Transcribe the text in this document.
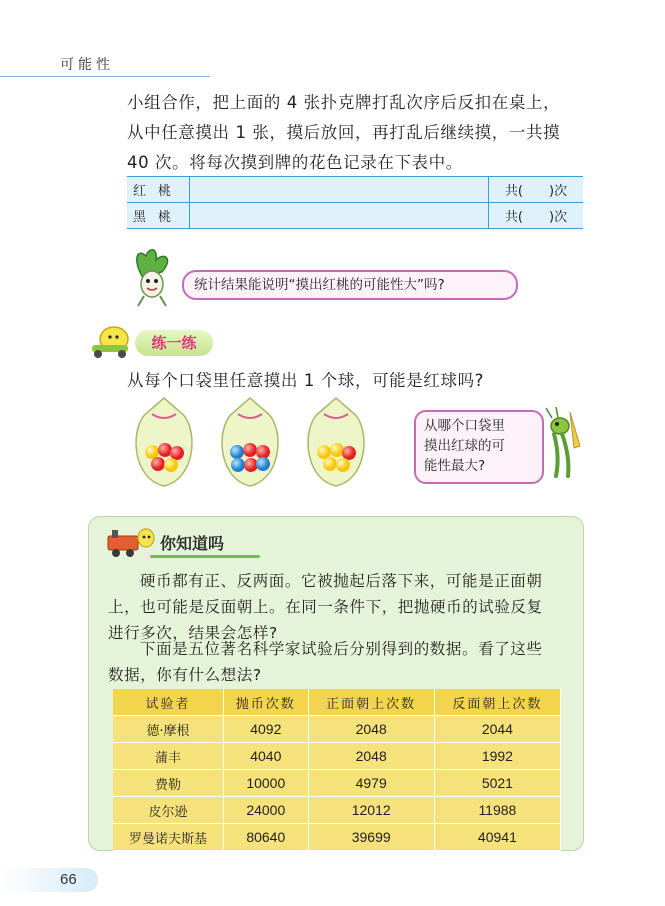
可能性
小组合作，把上面的 4 张扑克牌打乱次序后反扣在桌上，
从中任意摸出 1 张，摸后放回，再打乱后继续摸，一共摸
40 次。将每次摸到牌的花色记录在下表中。
红桃		共( )次
黑桃		共( )次
统计结果能说明“摸出红桃的可能性大”吗?
练一练
从每个口袋里任意摸出 1 个球，可能是红球吗?
从哪个口袋里
摸出红球的可
能性最大?
你知道吗
硬币都有正、反两面。它被抛起后落下来，可能是正面朝
上，也可能是反面朝上。在同一条件下，把抛硬币的试验反复
进行多次，结果会怎样?
下面是五位著名科学家试验后分别得到的数据。看了这些
数据，你有什么想法?
试验者	抛币次数	正面朝上次数	反面朝上次数
德·摩根	4092	2048	2044
蒲丰	4040	2048	1992
费勒	10000	4979	5021
皮尔逊	24000	12012	11988
罗曼诺夫斯基	80640	39699	40941
66
